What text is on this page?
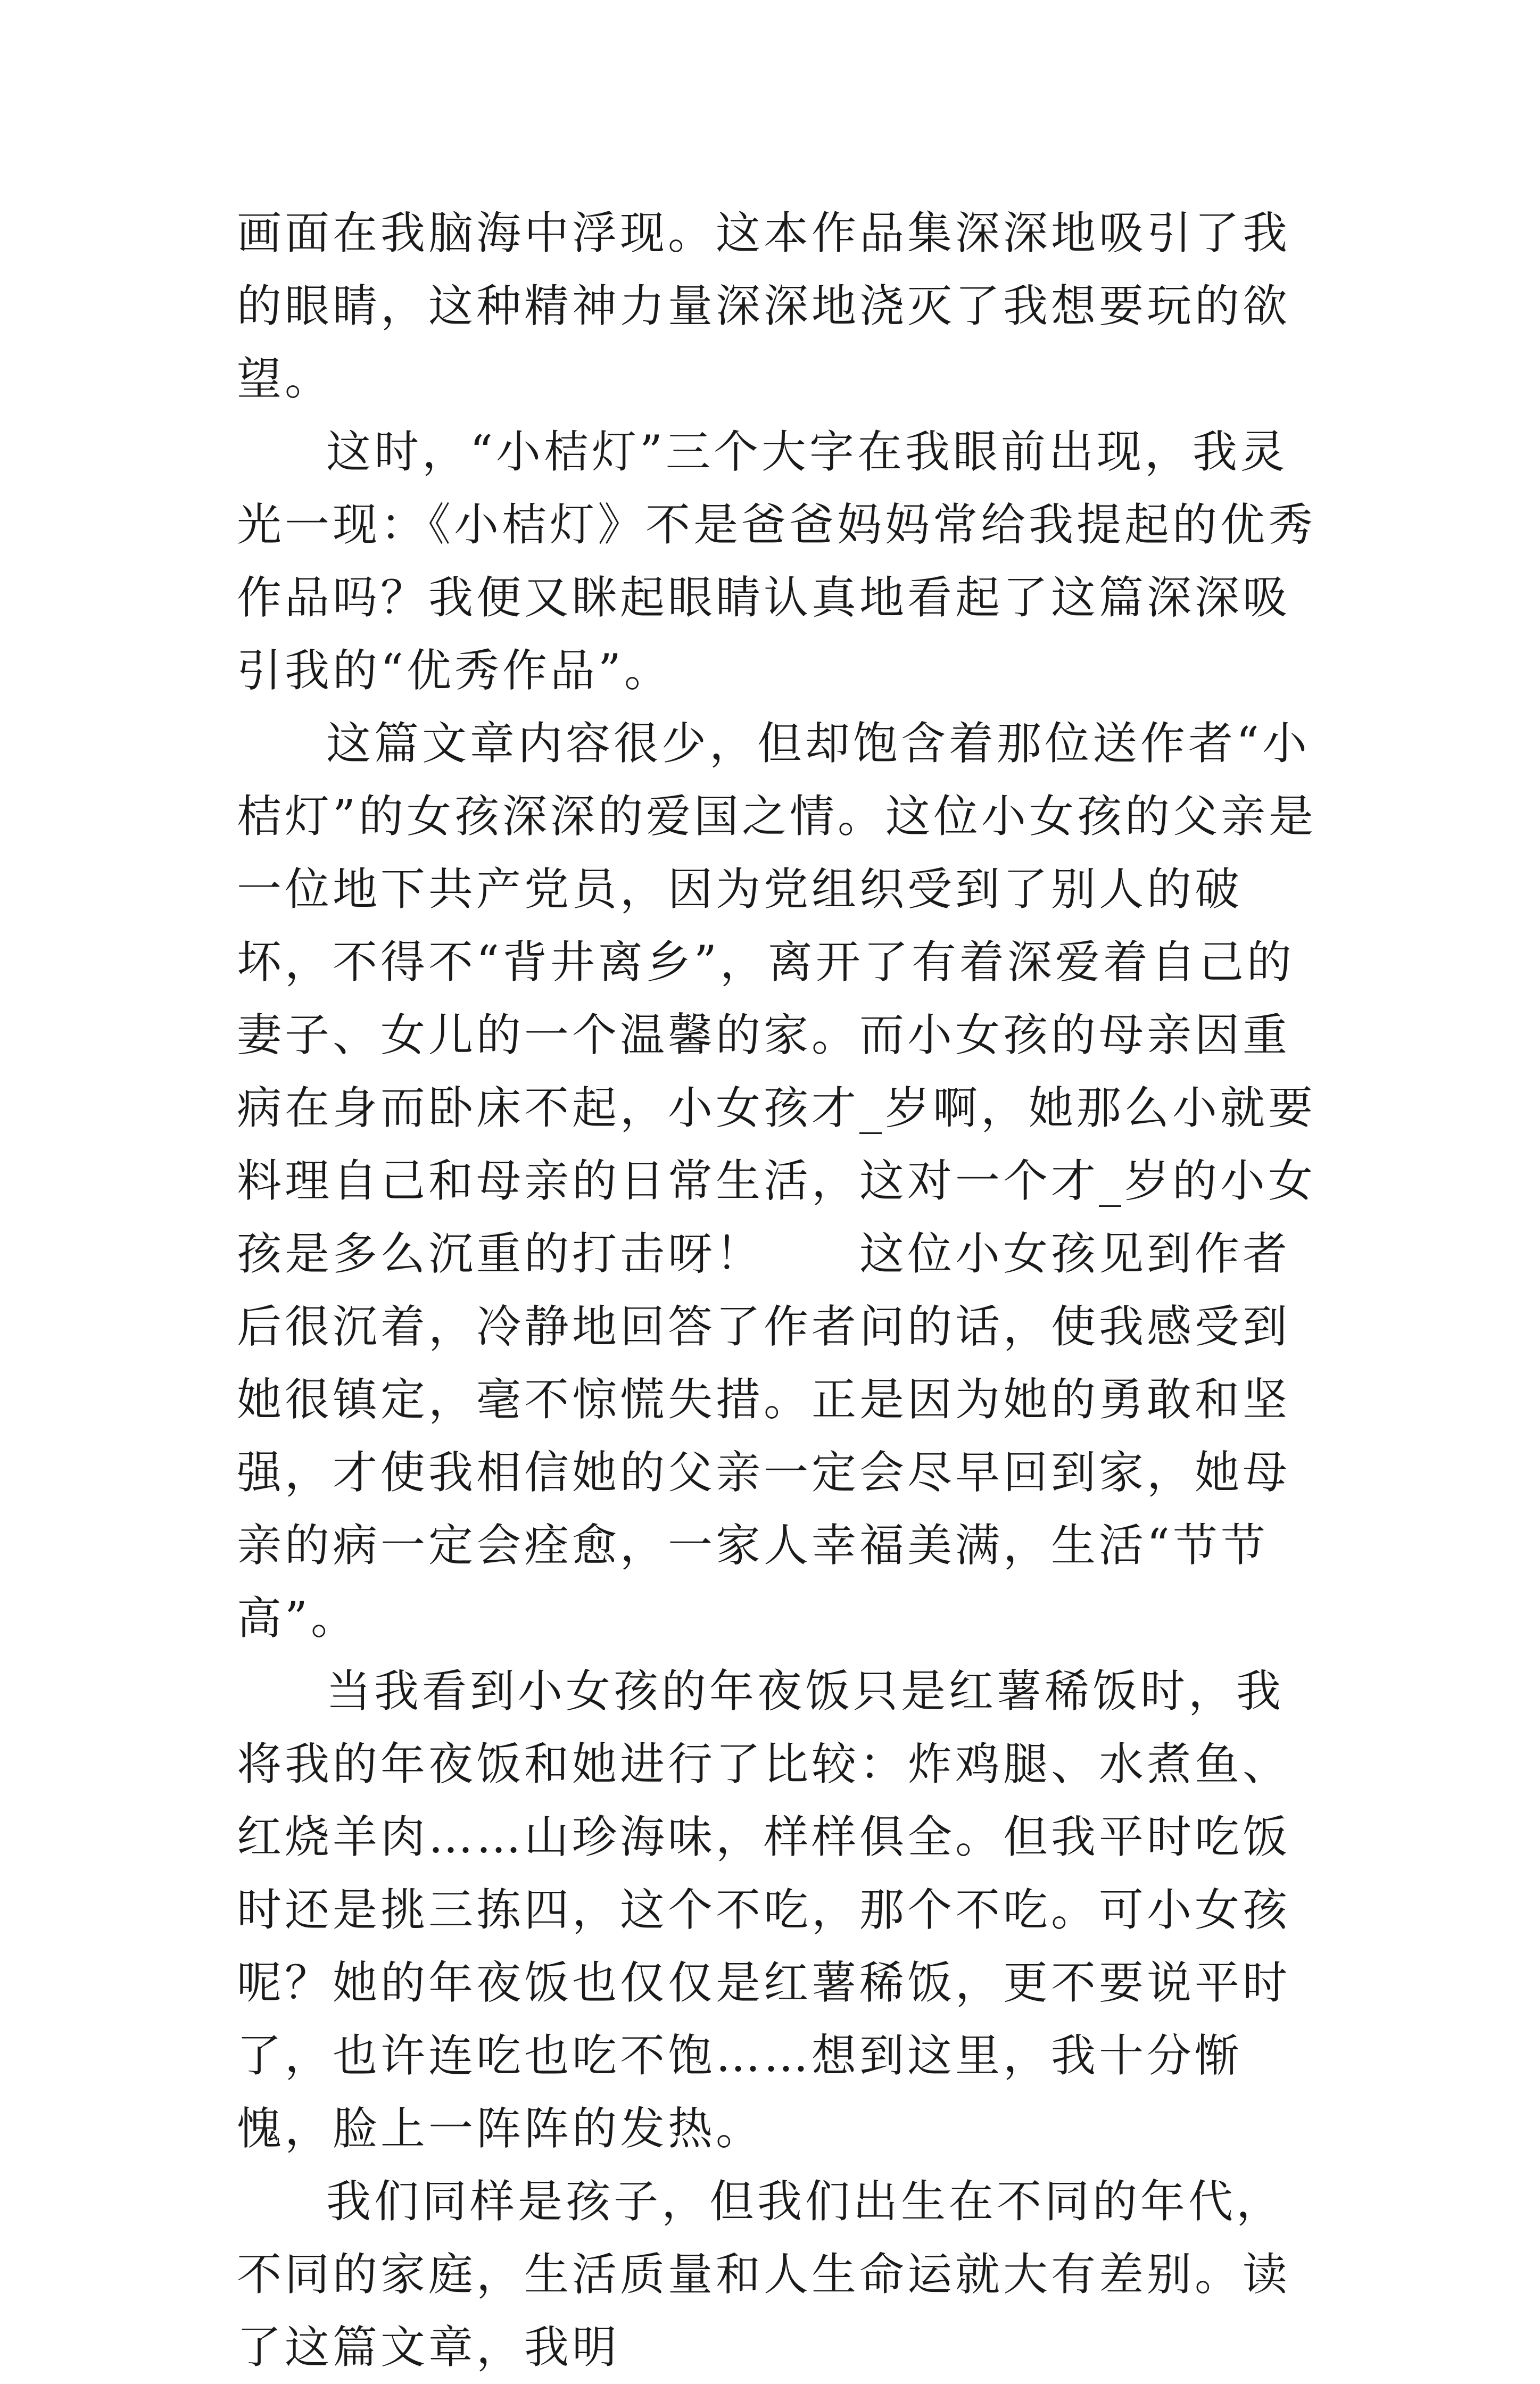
画面在我脑海中浮现。这本作品集深深地吸引了我的眼睛，这种精神力量深深地浇灭了我想要玩的欲望。

这时，“小桔灯”三个大字在我眼前出现，我灵光一现：《小桔灯》不是爸爸妈妈常给我提起的优秀作品吗？我便又眯起眼睛认真地看起了这篇深深吸引我的“优秀作品”。

这篇文章内容很少，但却饱含着那位送作者“小桔灯”的女孩深深的爱国之情。这位小女孩的父亲是一位地下共产党员，因为党组织受到了别人的破坏，不得不“背井离乡”，离开了有着深爱着自己的妻子、女儿的一个温馨的家。而小女孩的母亲因重病在身而卧床不起，小女孩才_岁啊，她那么小就要料理自己和母亲的日常生活，这对一个才_岁的小女孩是多么沉重的打击呀！　　这位小女孩见到作者后很沉着，冷静地回答了作者问的话，使我感受到她很镇定，毫不惊慌失措。正是因为她的勇敢和坚强，才使我相信她的父亲一定会尽早回到家，她母亲的病一定会痊愈，一家人幸福美满，生活“节节高”。

当我看到小女孩的年夜饭只是红薯稀饭时，我将我的年夜饭和她进行了比较：炸鸡腿、水煮鱼、红烧羊肉……山珍海味，样样俱全。但我平时吃饭时还是挑三拣四，这个不吃，那个不吃。可小女孩呢？她的年夜饭也仅仅是红薯稀饭，更不要说平时了，也许连吃也吃不饱……想到这里，我十分惭愧，脸上一阵阵的发热。

我们同样是孩子，但我们出生在不同的年代，不同的家庭，生活质量和人生命运就大有差别。读了这篇文章，我明
